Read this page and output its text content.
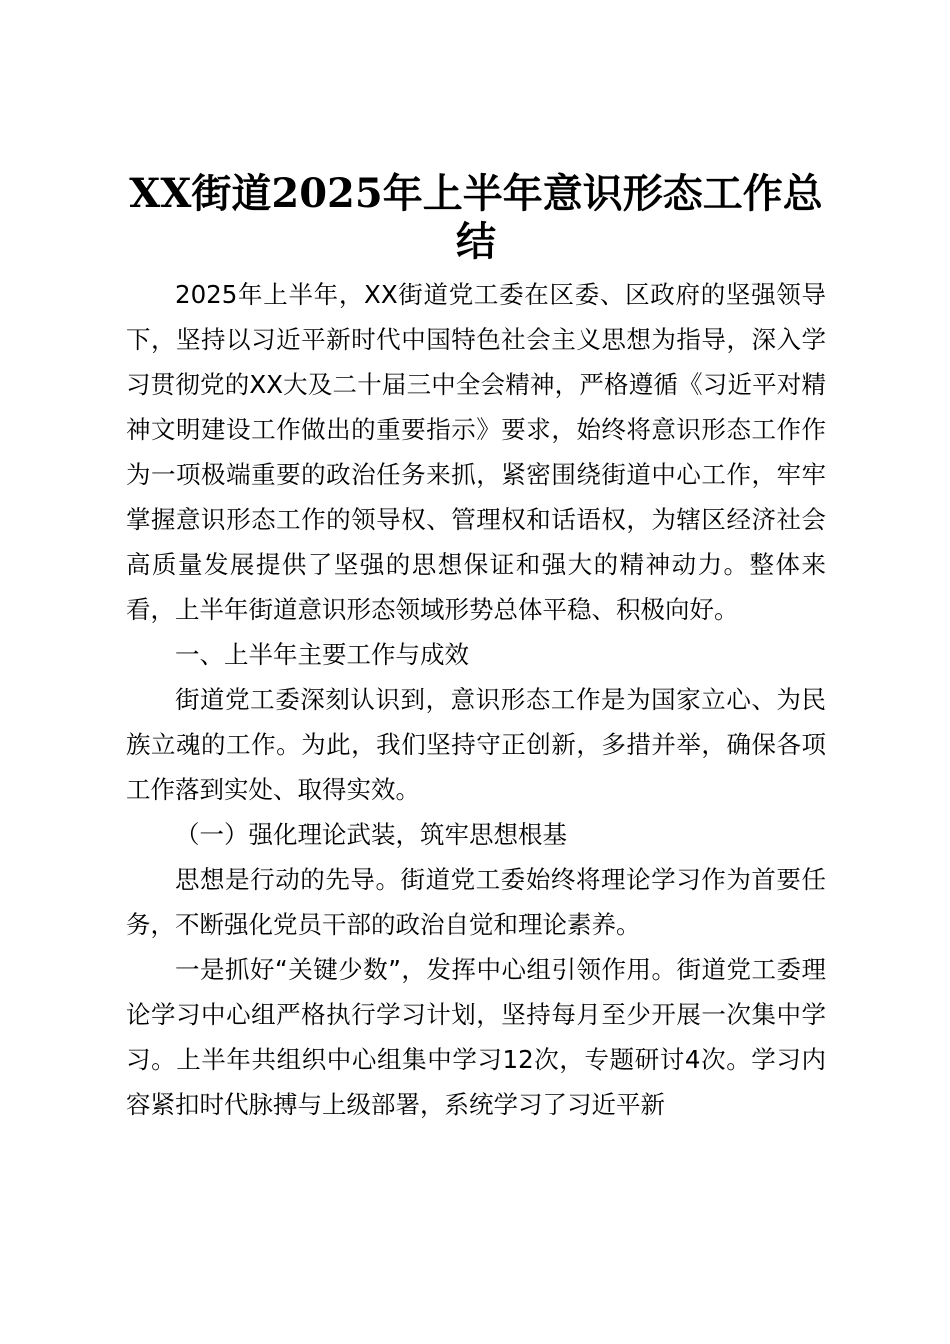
XX街道2025年上半年意识形态工作总结

2025年上半年，XX街道党工委在区委、区政府的坚强领导下，坚持以习近平新时代中国特色社会主义思想为指导，深入学习贯彻党的XX大及二十届三中全会精神，严格遵循《习近平对精神文明建设工作做出的重要指示》要求，始终将意识形态工作作为一项极端重要的政治任务来抓，紧密围绕街道中心工作，牢牢掌握意识形态工作的领导权、管理权和话语权，为辖区经济社会高质量发展提供了坚强的思想保证和强大的精神动力。整体来看，上半年街道意识形态领域形势总体平稳、积极向好。

一、上半年主要工作与成效

街道党工委深刻认识到，意识形态工作是为国家立心、为民族立魂的工作。为此，我们坚持守正创新，多措并举，确保各项工作落到实处、取得实效。

（一）强化理论武装，筑牢思想根基

思想是行动的先导。街道党工委始终将理论学习作为首要任务，不断强化党员干部的政治自觉和理论素养。

一是抓好“关键少数”，发挥中心组引领作用。街道党工委理论学习中心组严格执行学习计划，坚持每月至少开展一次集中学习。上半年共组织中心组集中学习12次，专题研讨4次。学习内容紧扣时代脉搏与上级部署，系统学习了习近平新
